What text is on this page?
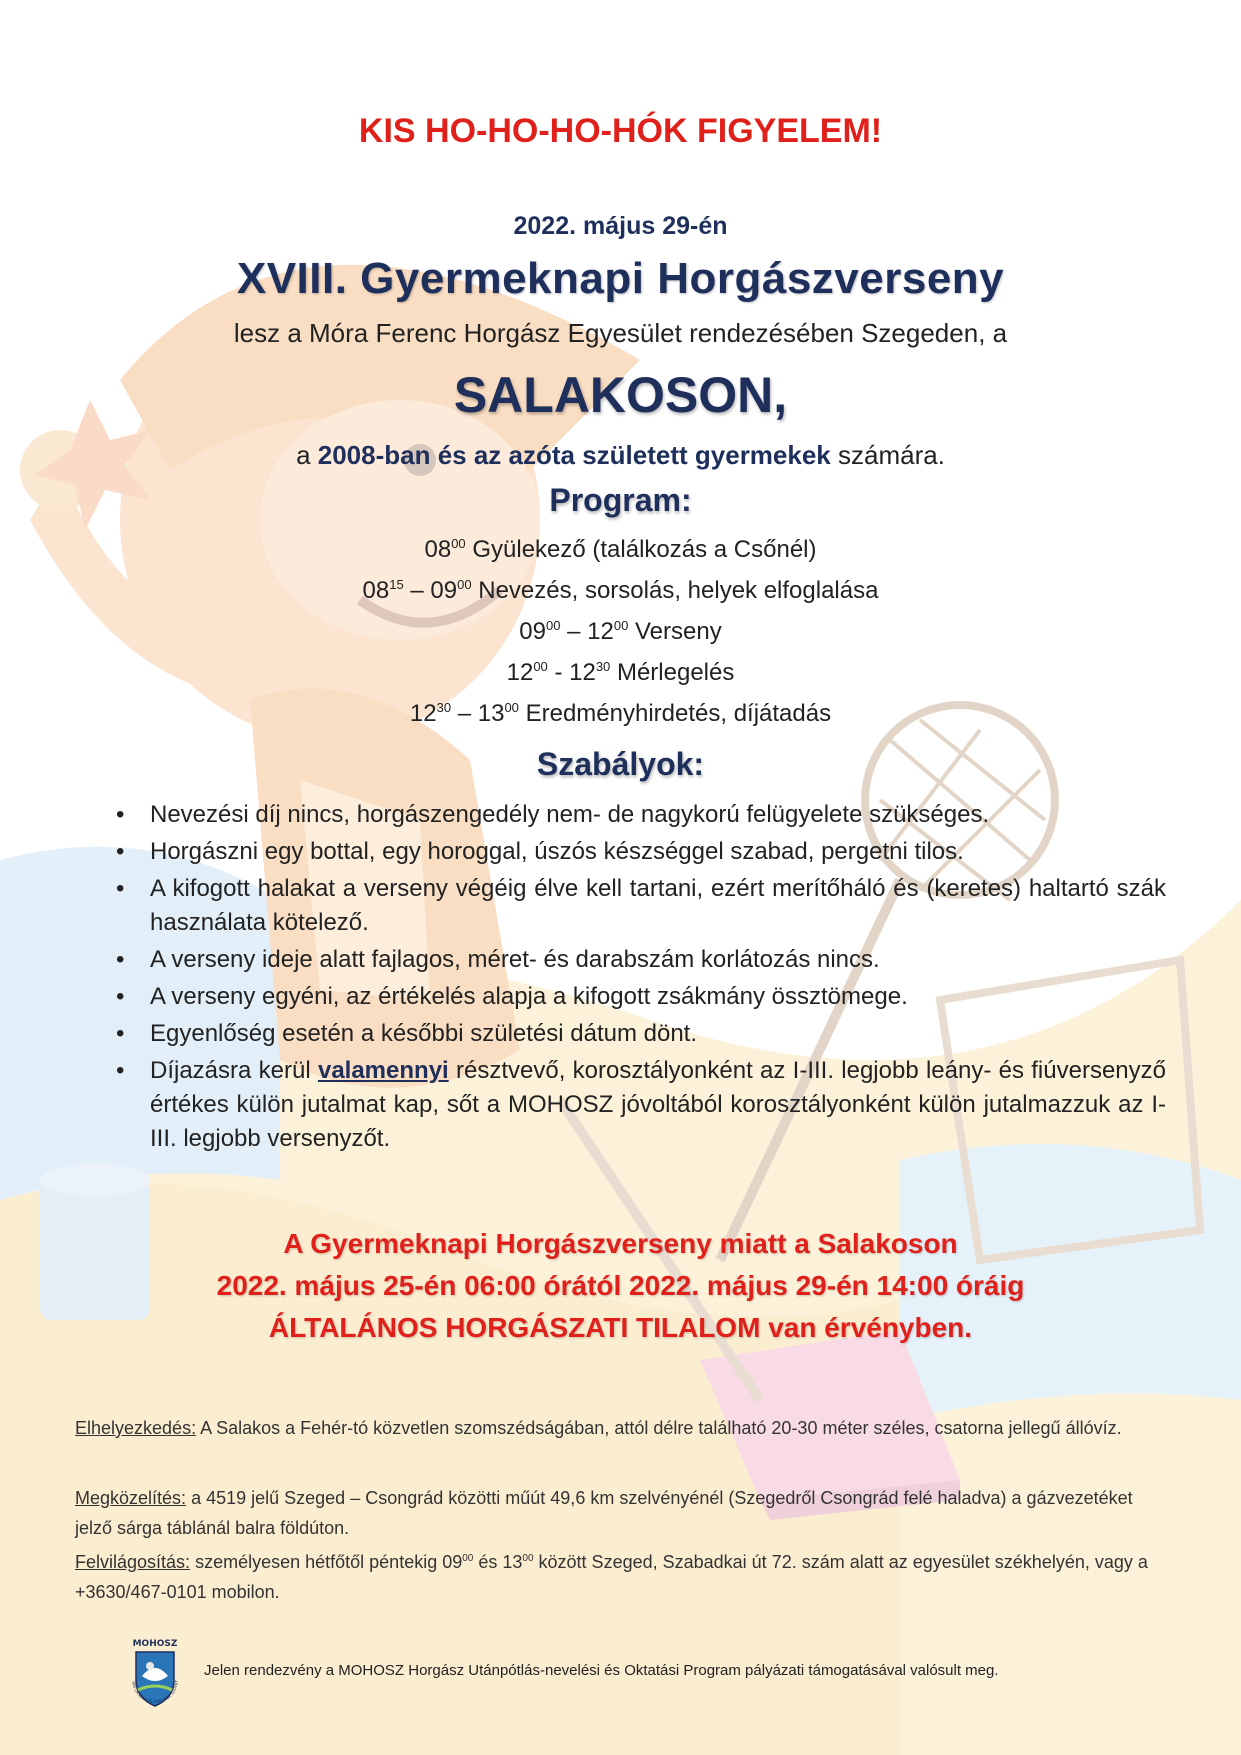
KIS HO-HO-HO-HÓK FIGYELEM!
2022. május 29-én
XVIII. Gyermeknapi Horgászverseny
lesz a Móra Ferenc Horgász Egyesület rendezésében Szegeden, a
SALAKOSON,
a 2008-ban és az azóta született gyermekek számára.
Program:
$08^{00}$ Gyülekező (találkozás a Csőnél)
$08^{15} - 09^{00}$ Nevezés, sorsolás, helyek elfoglalása
$09^{00} - 12^{00}$ Verseny
$12^{00} - 12^{30}$ Mérlegelés
$12^{30} - 13^{00}$ Eredményhirdetés, díjátadás
Szabályok:
• Nevezési díj nincs, horgászengedély nem- de nagykorú felügyelete szükséges.
• Horgászni egy bottal, egy horoggal, úszós készséggel szabad, pergetni tilos.
• A kifogott halakat a verseny végéig élve kell tartani, ezért merítőháló és (keretes) haltartó szák használata kötelező.
• A verseny ideje alatt fajlagos, méret- és darabszám korlátozás nincs.
• A verseny egyéni, az értékelés alapja a kifogott zsákmány össztömege.
• Egyenlőség esetén a későbbi születési dátum dönt.
• Díjazásra kerül valamennyi résztvevő, korosztályonként az I-III. legjobb leány- és fiúversenyző értékes külön jutalmat kap, sőt a MOHOSZ jóvoltából korosztályonként külön jutalmazzuk az I-III. legjobb versenyzőt.
A Gyermeknapi Horgászverseny miatt a Salakoson
2022. május 25-én 06:00 órától 2022. május 29-én 14:00 óráig
ÁLTALÁNOS HORGÁSZATI TILALOM van érvényben.
Elhelyezkedés: A Salakos a Fehér-tó közvetlen szomszédságában, attól délre található 20-30 méter széles, csatorna jellegű állóvíz.
Megközelítés: a 4519 jelű Szeged – Csongrád közötti műút 49,6 km szelvényénél (Szegedről Csongrád felé haladva) a gázvezetéket jelző sárga táblánál balra földúton.
Felvilágosítás: személyesen hétfőtől péntekig $09^{00}$ és $13^{00}$ között Szeged, Szabadkai út 72. szám alatt az egyesület székhelyén, vagy a +3630/467-0101 mobilon.
MOHOSZ
YAR ORSZÁGOS HORGÁSZ SZÖVET
Jelen rendezvény a MOHOSZ Horgász Utánpótlás-nevelési és Oktatási Program pályázati támogatásával valósult meg.
